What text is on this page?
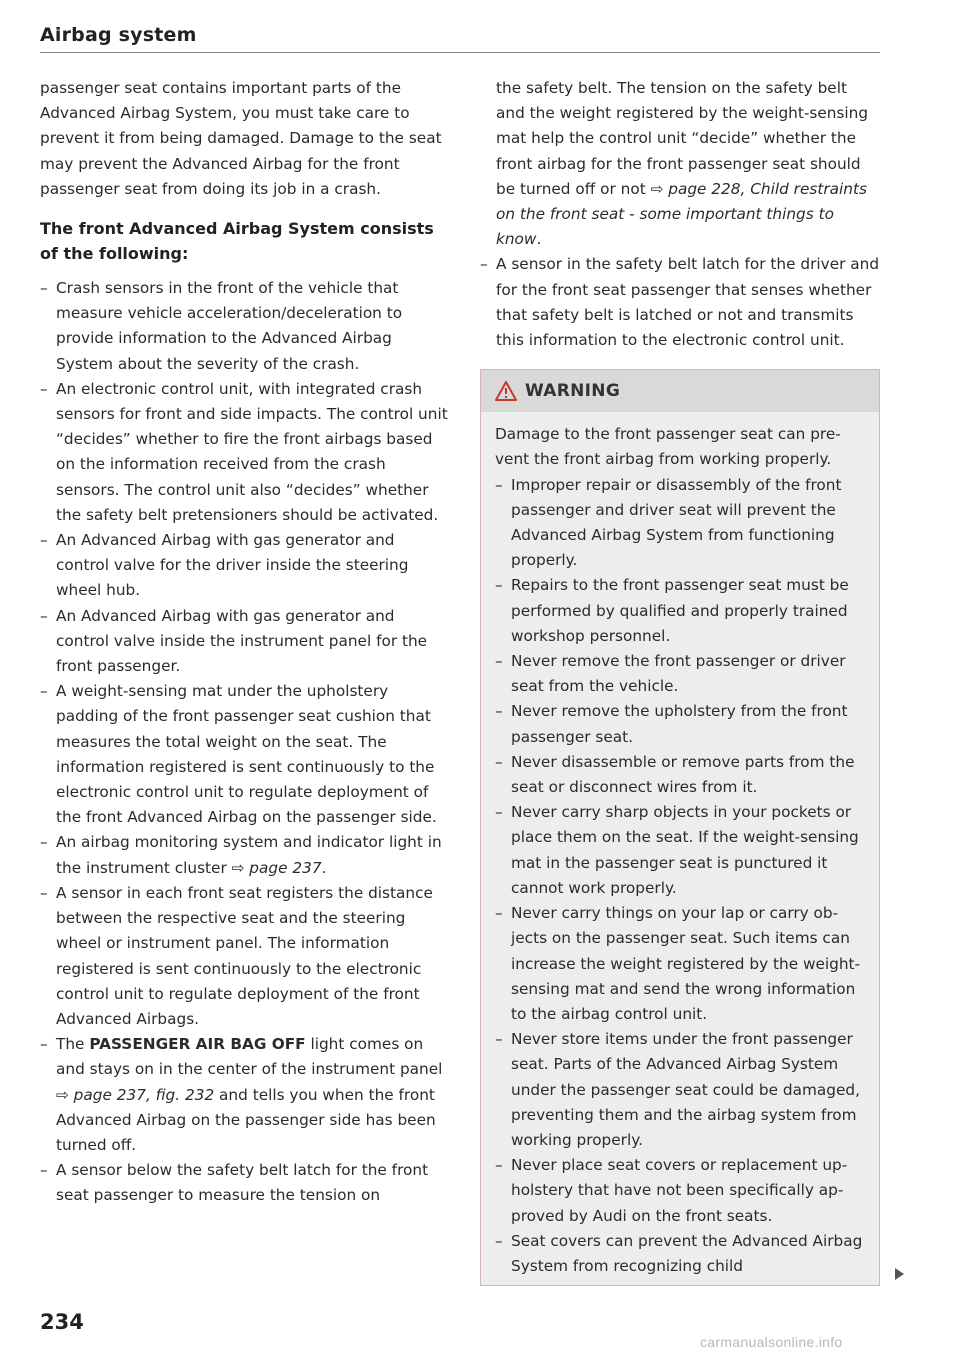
Airbag system

passenger seat contains important parts of the Advanced Airbag System, you must take care to prevent it from being damaged. Damage to the seat may prevent the Advanced Airbag for the front passenger seat from doing its job in a crash.

The front Advanced Airbag System consists of the following:
– Crash sensors in the front of the vehicle that measure vehicle acceleration/deceleration to provide information to the Advanced Airbag System about the severity of the crash.
– An electronic control unit, with integrated crash sensors for front and side impacts. The control unit “decides” whether to fire the front airbags based on the information received from the crash sensors. The control unit also “decides” whether the safety belt pretensioners should be activated.
– An Advanced Airbag with gas generator and control valve for the driver inside the steering wheel hub.
– An Advanced Airbag with gas generator and control valve inside the instrument panel for the front passenger.
– A weight-sensing mat under the upholstery padding of the front passenger seat cushion that measures the total weight on the seat. The information registered is sent continuously to the electronic control unit to regulate deployment of the front Advanced Airbag on the passenger side.
– An airbag monitoring system and indicator light in the instrument cluster ⇨ page 237.
– A sensor in each front seat registers the distance between the respective seat and the steering wheel or instrument panel. The information registered is sent continuously to the electronic control unit to regulate deployment of the front Advanced Airbags.
– The PASSENGER AIR BAG OFF light comes on and stays on in the center of the instrument panel ⇨ page 237, fig. 232 and tells you when the front Advanced Airbag on the passenger side has been turned off.
– A sensor below the safety belt latch for the front seat passenger to measure the tension on

the safety belt. The tension on the safety belt and the weight registered by the weight-sensing mat help the control unit “decide” whether the front airbag for the front passenger seat should be turned off or not ⇨ page 228, Child restraints on the front seat - some important things to know.

– A sensor in the safety belt latch for the driver and for the front seat passenger that senses whether that safety belt is latched or not and transmits this information to the electronic control unit.
WARNING

Damage to the front passenger seat can prevent the front airbag from working properly.

– Improper repair or disassembly of the front passenger and driver seat will prevent the Advanced Airbag System from functioning properly.
– Repairs to the front passenger seat must be performed by qualified and properly trained workshop personnel.
– Never remove the front passenger or driver seat from the vehicle.
– Never remove the upholstery from the front passenger seat.
– Never disassemble or remove parts from the seat or disconnect wires from it.
– Never carry sharp objects in your pockets or place them on the seat. If the weight-sensing mat in the passenger seat is punctured it cannot work properly.
– Never carry things on your lap or carry objects on the passenger seat. Such items can increase the weight registered by the weight-sensing mat and send the wrong information to the airbag control unit.
– Never store items under the front passenger seat. Parts of the Advanced Airbag System under the passenger seat could be damaged, preventing them and the airbag system from working properly.
– Never place seat covers or replacement upholstery that have not been specifically approved by Audi on the front seats.
– Seat covers can prevent the Advanced Airbag System from recognizing child
234
carmanualsonline.info
